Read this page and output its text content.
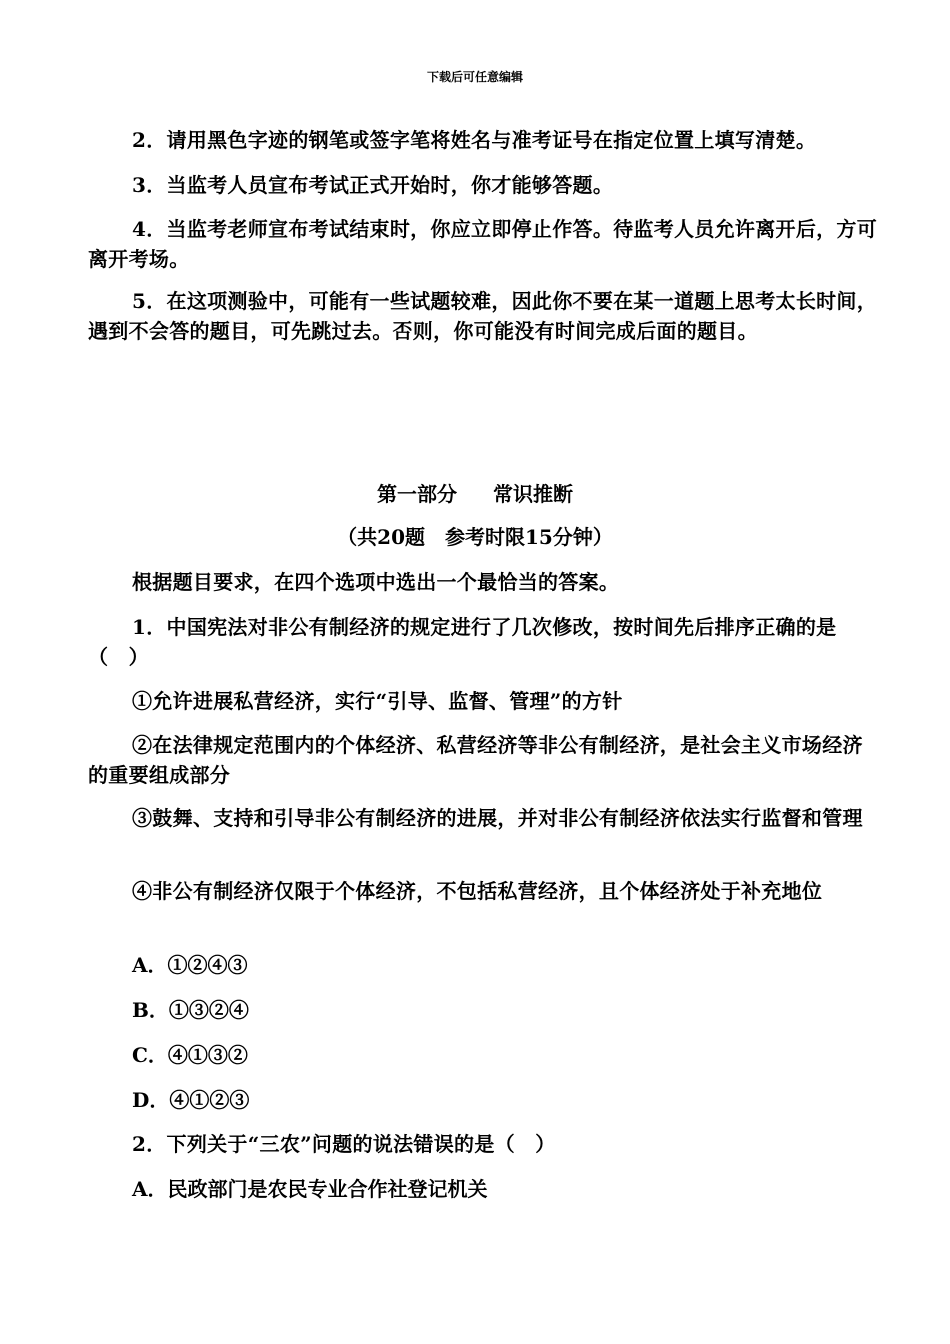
下载后可任意编辑
2．请用黑色字迹的钢笔或签字笔将姓名与准考证号在指定位置上填写清楚。
3．当监考人员宣布考试正式开始时，你才能够答题。
4．当监考老师宣布考试结束时，你应立即停止作答。待监考人员允许离开后，方可离开考场。
5．在这项测验中，可能有一些试题较难，因此你不要在某一道题上思考太长时间，遇到不会答的题目，可先跳过去。否则，你可能没有时间完成后面的题目。
第一部分 常识推断
（共20题　参考时限15分钟）
根据题目要求，在四个选项中选出一个最恰当的答案。
1．中国宪法对非公有制经济的规定进行了几次修改，按时间先后排序正确的是（　）
①允许进展私营经济，实行“引导、监督、管理”的方针
②在法律规定范围内的个体经济、私营经济等非公有制经济，是社会主义市场经济的重要组成部分
③鼓舞、支持和引导非公有制经济的进展，并对非公有制经济依法实行监督和管理
④非公有制经济仅限于个体经济，不包括私营经济，且个体经济处于补充地位
A．①②④③
B．①③②④
C．④①③②
D．④①②③
2．下列关于“三农”问题的说法错误的是（　）
A．民政部门是农民专业合作社登记机关
